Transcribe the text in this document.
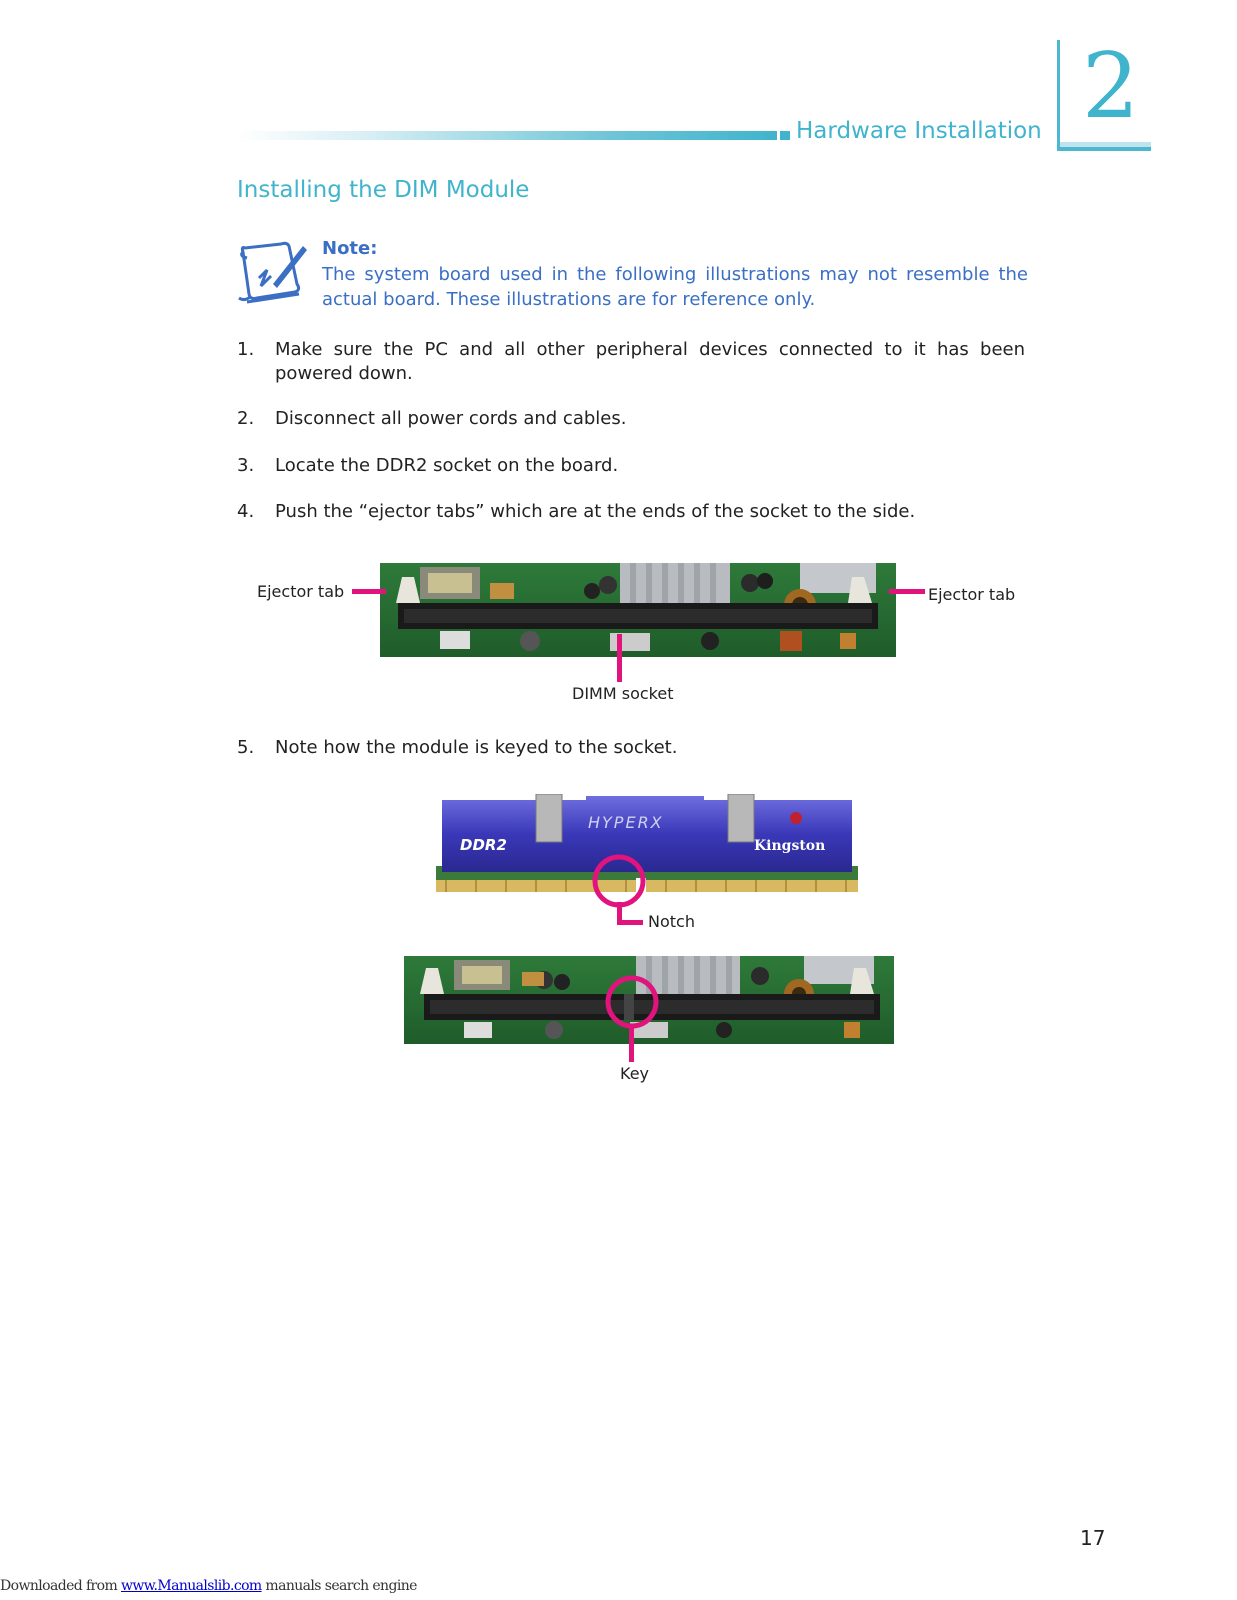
Hardware Installation 2
Installing the DIM Module
Note:
The system board used in the following illustrations may not resemble the actual board. These illustrations are for reference only.
1.	Make sure the PC and all other peripheral devices connected to it has been powered down.
2.	Disconnect all power cords and cables.
3.	Locate the DDR2 socket on the board.
4.	Push the “ejector tabs” which are at the ends of the socket to the side.
Ejector tab	Ejector tab
DIMM socket
5.	Note how the module is keyed to the socket.
DDR2
HYPERX
Kingston
Notch
Key
17
Downloaded from www.Manualslib.com manuals search engine
